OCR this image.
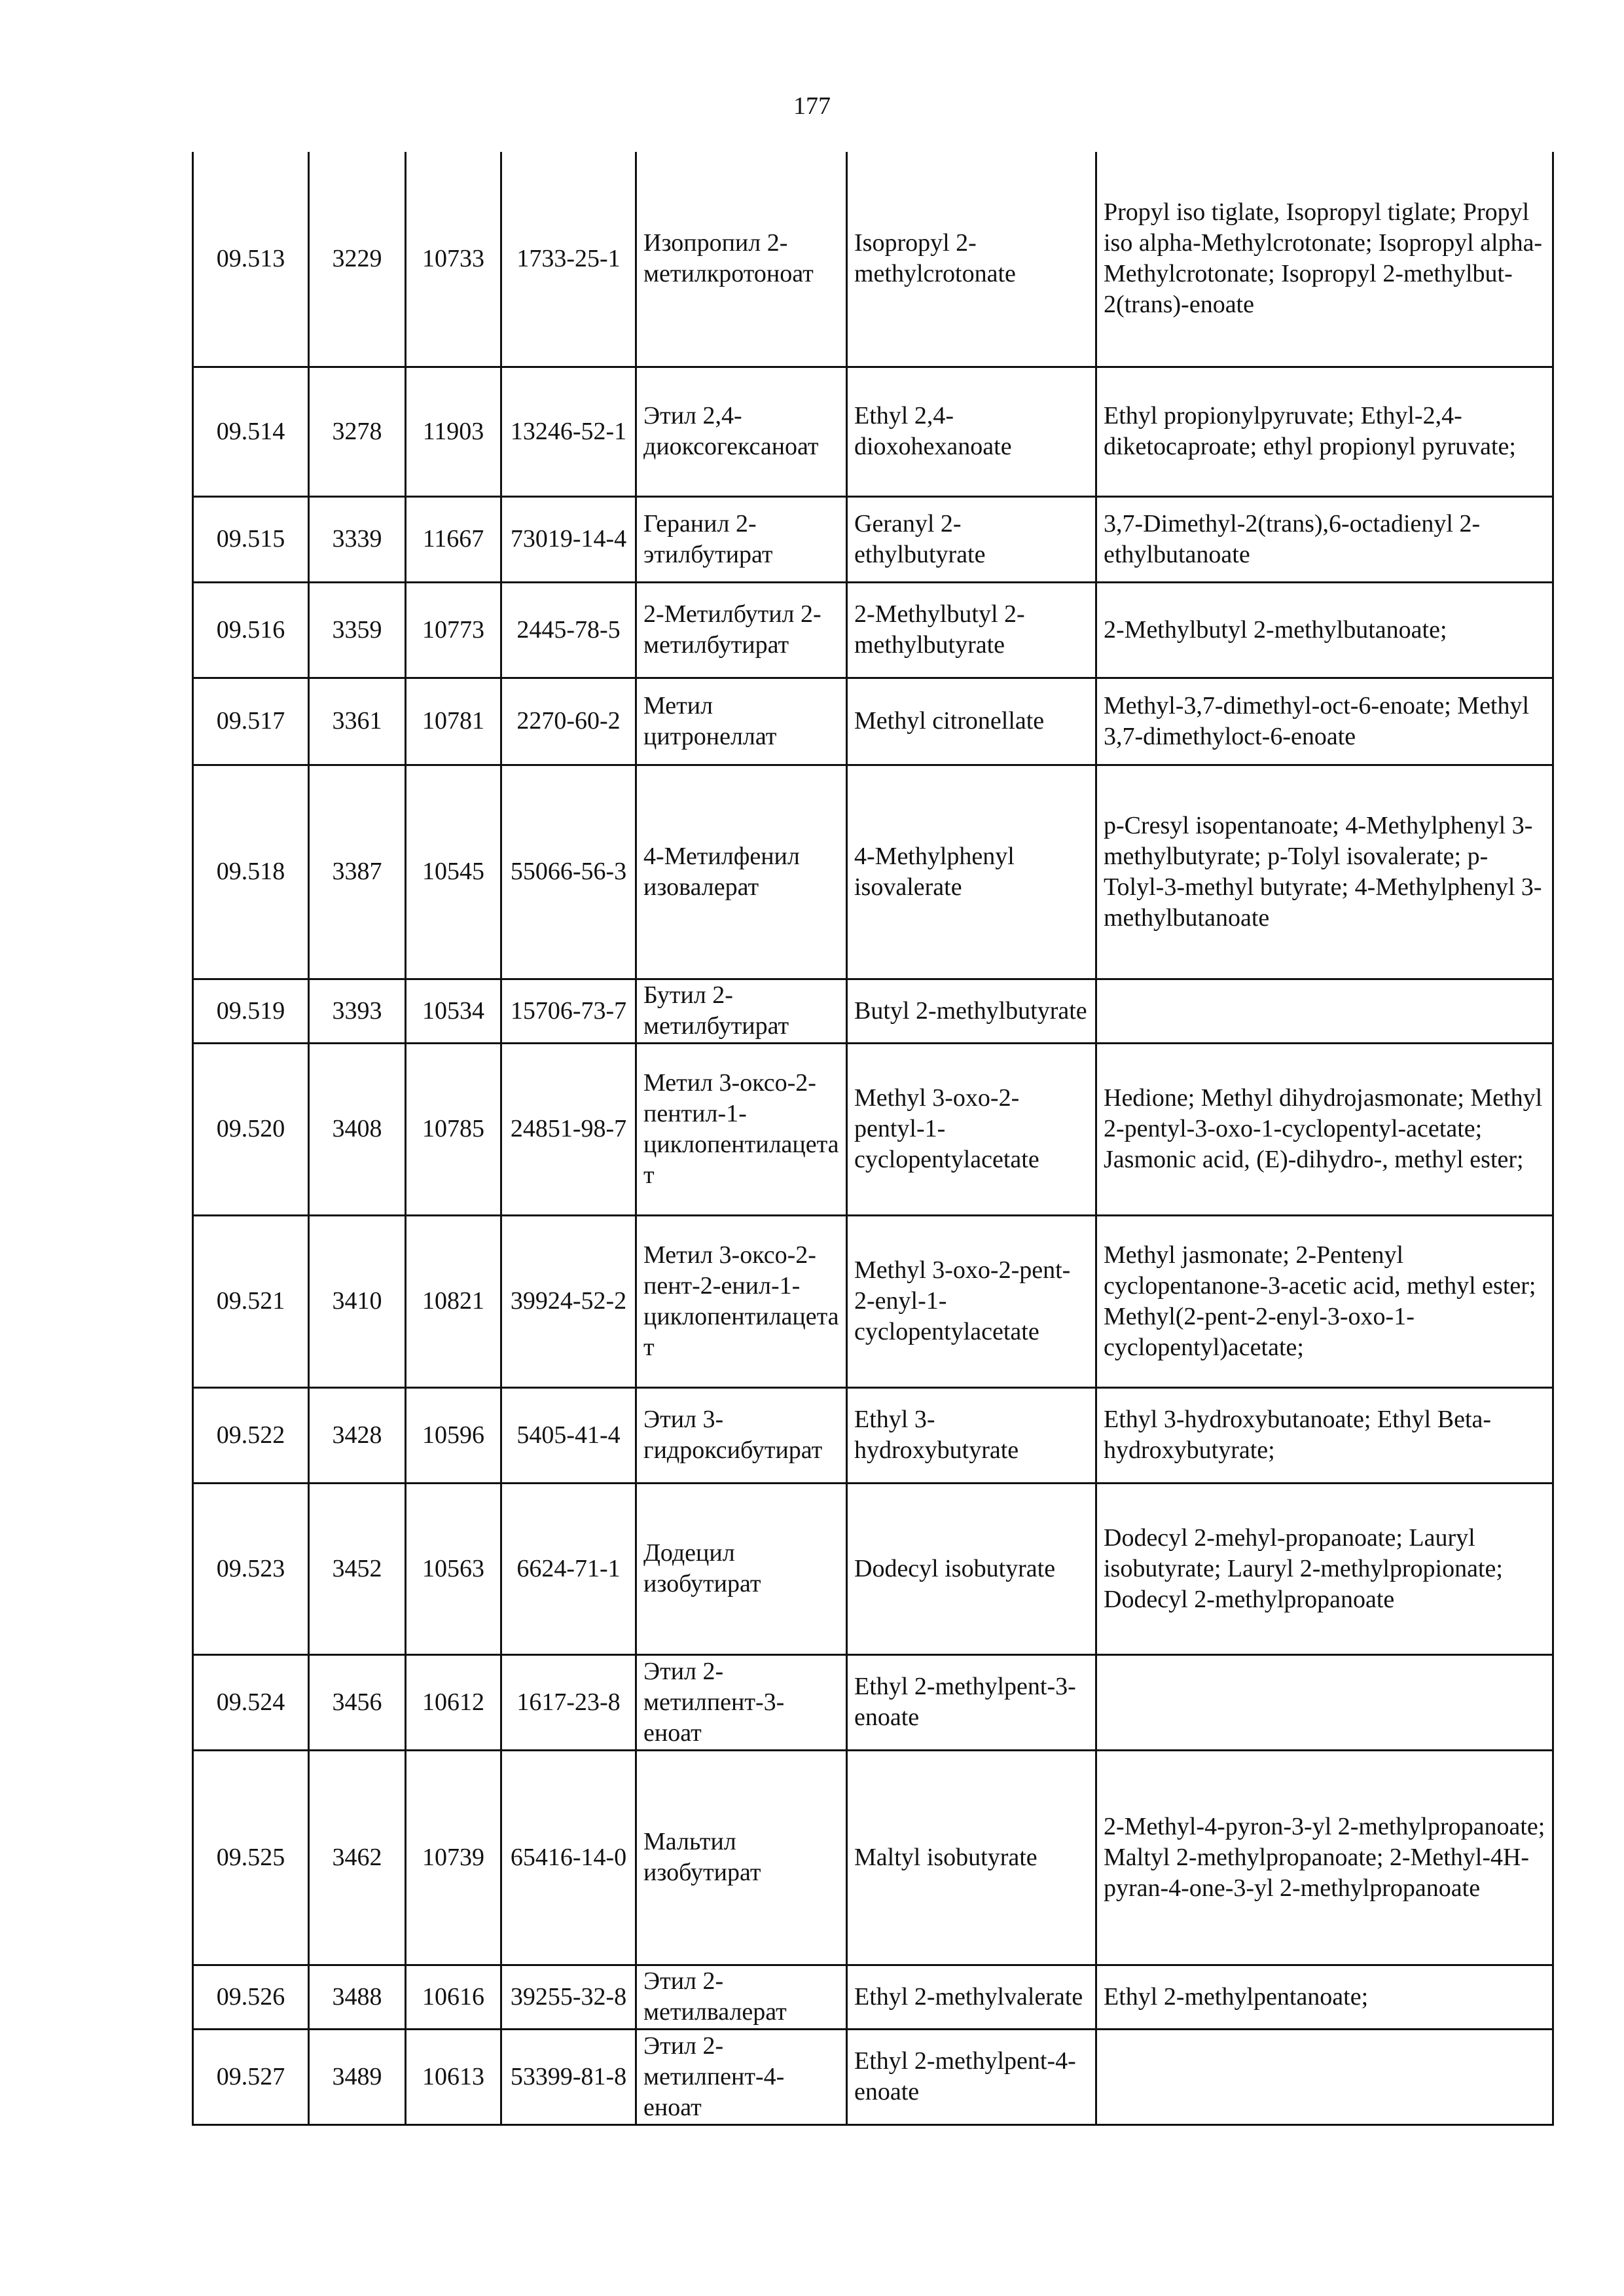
177
09.513	3229	10733	1733-25-1	Изопропил 2-метилкротоноат	Isopropyl 2-methylcrotonate	Propyl iso tiglate, Isopropyl tiglate; Propyl iso alpha-Methylcrotonate; Isopropyl alpha-Methylcrotonate; Isopropyl 2-methylbut-2(trans)-enoate
09.514	3278	11903	13246-52-1	Этил 2,4-диоксогексаноат	Ethyl 2,4-dioxohexanoate	Ethyl propionylpyruvate; Ethyl-2,4-diketocaproate; ethyl propionyl pyruvate;
09.515	3339	11667	73019-14-4	Геранил 2-этилбутират	Geranyl 2-ethylbutyrate	3,7-Dimethyl-2(trans),6-octadienyl 2-ethylbutanoate
09.516	3359	10773	2445-78-5	2-Метилбутил 2-метилбутират	2-Methylbutyl 2-methylbutyrate	2-Methylbutyl 2-methylbutanoate;
09.517	3361	10781	2270-60-2	Метил цитронеллат	Methyl citronellate	Methyl-3,7-dimethyl-oct-6-enoate; Methyl 3,7-dimethyloct-6-enoate
09.518	3387	10545	55066-56-3	4-Метилфенил изовалерат	4-Methylphenyl isovalerate	p-Cresyl isopentanoate; 4-Methylphenyl 3-methylbutyrate; p-Tolyl isovalerate; p-Tolyl-3-methyl butyrate; 4-Methylphenyl 3-methylbutanoate
09.519	3393	10534	15706-73-7	Бутил 2-метилбутират	Butyl 2-methylbutyrate	
09.520	3408	10785	24851-98-7	Метил 3-оксо-2-пентил-1-циклопентилацетат	Methyl 3-oxo-2-pentyl-1-cyclopentylacetate	Hedione; Methyl dihydrojasmonate; Methyl 2-pentyl-3-oxo-1-cyclopentyl-acetate; Jasmonic acid, (E)-dihydro-, methyl ester;
09.521	3410	10821	39924-52-2	Метил 3-оксо-2-пент-2-енил-1-циклопентилацетат	Methyl 3-oxo-2-pent-2-enyl-1-cyclopentylacetate	Methyl jasmonate; 2-Pentenyl cyclopentanone-3-acetic acid, methyl ester; Methyl(2-pent-2-enyl-3-oxo-1-cyclopentyl)acetate;
09.522	3428	10596	5405-41-4	Этил 3-гидроксибутират	Ethyl 3-hydroxybutyrate	Ethyl 3-hydroxybutanoate; Ethyl Beta-hydroxybutyrate;
09.523	3452	10563	6624-71-1	Додецил изобутират	Dodecyl isobutyrate	Dodecyl 2-mehyl-propanoate; Lauryl isobutyrate; Lauryl 2-methylpropionate; Dodecyl 2-methylpropanoate
09.524	3456	10612	1617-23-8	Этил 2-метилпент-3-еноат	Ethyl 2-methylpent-3-enoate	
09.525	3462	10739	65416-14-0	Мальтил изобутират	Maltyl isobutyrate	2-Methyl-4-pyron-3-yl 2-methylpropanoate; Maltyl 2-methylpropanoate; 2-Methyl-4H-pyran-4-one-3-yl 2-methylpropanoate
09.526	3488	10616	39255-32-8	Этил 2-метилвалерат	Ethyl 2-methylvalerate	Ethyl 2-methylpentanoate;
09.527	3489	10613	53399-81-8	Этил 2-метилпент-4-еноат	Ethyl 2-methylpent-4-enoate	
